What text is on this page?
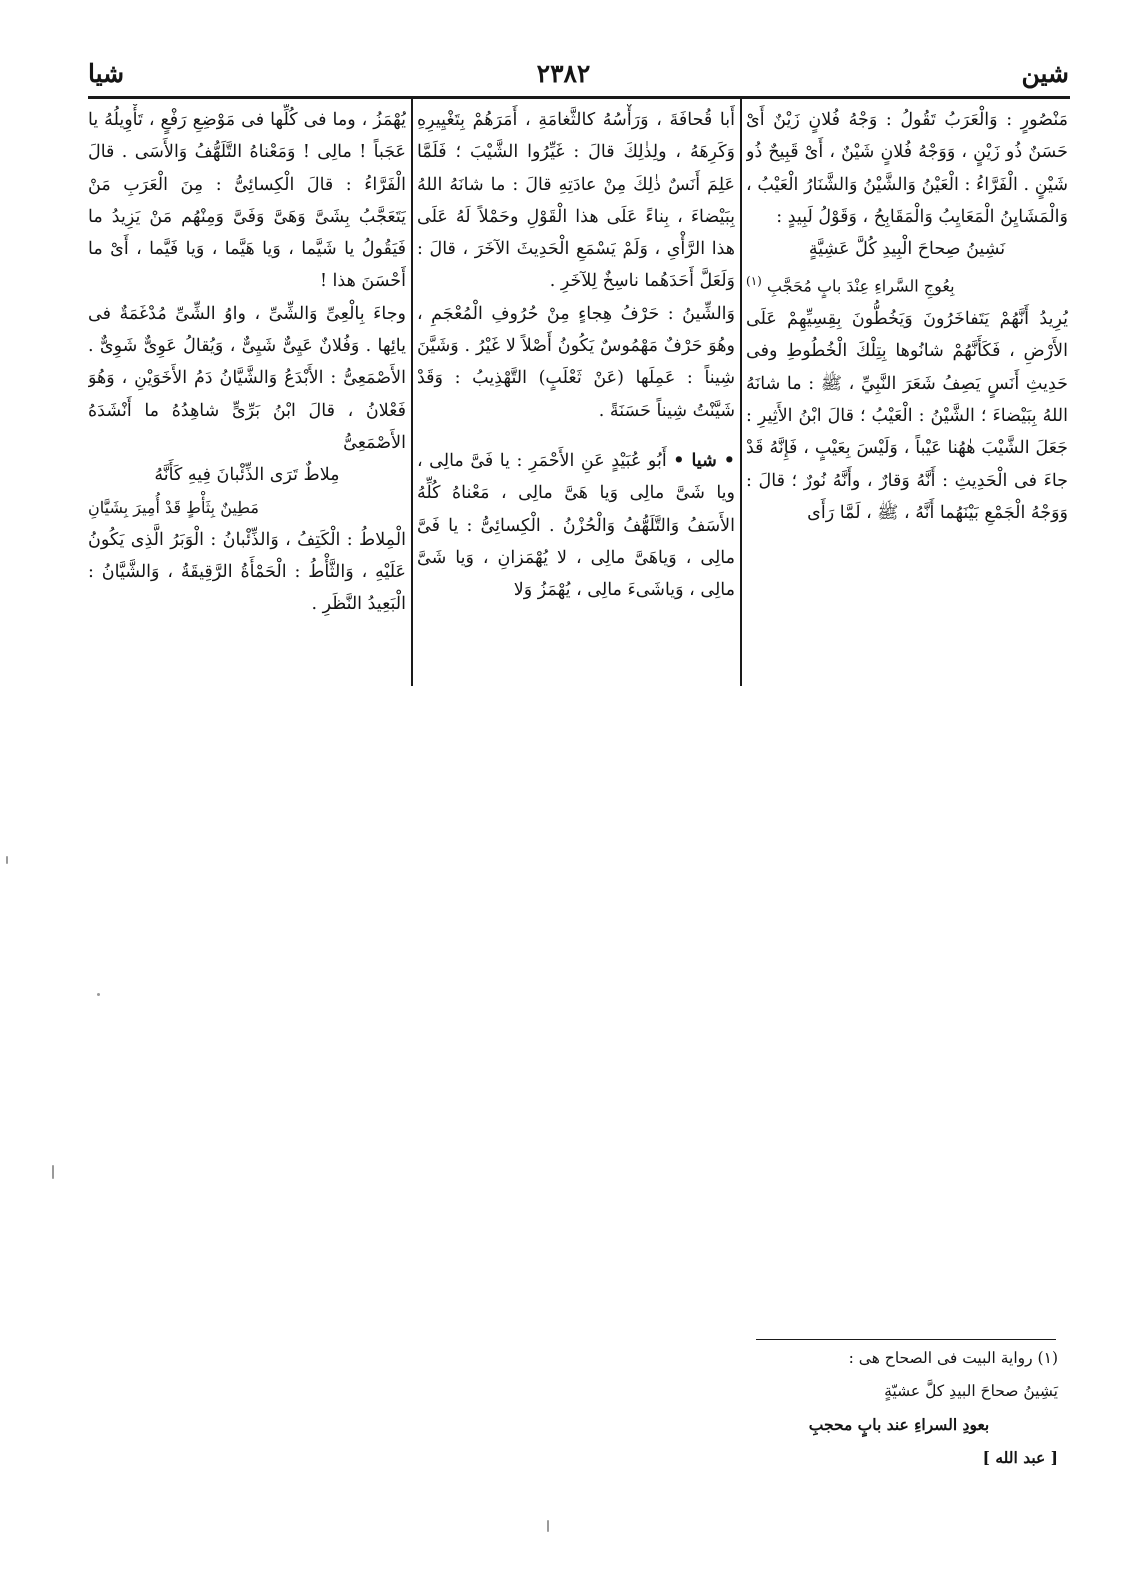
شين
٢٣٨٢
شيا

مَنْصُورٍ : وَالْعَرَبُ تَقُولُ : وَجْهُ فُلانٍ زَيْنٌ أَىْ حَسَنٌ ذُو زَيْنٍ ، وَوَجْهُ فُلانٍ شَيْنٌ ، أَىْ قَبِيحٌ ذُو شَيْنٍ . الْفَرَّاءُ : الْعَيْنُ وَالشَّيْنُ وَالشَّنَارُ الْعَيْبُ ، وَالْمَشَايِنُ الْمَعَايِبُ وَالْمَقَابِحُ ، وَقَوْلُ لَبِيدٍ :

نَشِينُ صِحاحَ الْبِيدِ كُلَّ عَشِيَّةٍ

بِعُوجِ السَّراءِ عِنْدَ بابٍ مُحَجَّبِ $^{(١)}$

يُرِيدُ أَنَّهُمْ يَتَفاخَرُونَ وَيَخُطُّونَ بِقِسِيِّهِمْ عَلَى الأَرْضِ ، فَكَأَنَّهُمْ شانُوها بِتِلْكَ الْخُطُوطِ وفى حَدِيثِ أَنَسٍ يَصِفُ شَعَرَ النَّبِيِّ ، ﷺ : ما شانَهُ اللهُ بِبَيْضاءَ ؛ الشَّيْنُ : الْعَيْبُ ؛ قالَ ابْنُ الأَثِيرِ : جَعَلَ الشَّيْبَ هٰهُنا عَيْباً ، وَلَيْسَ بِعَيْبٍ ، فَإِنَّهُ قَدْ جاءَ فى الْحَدِيثِ : أَنَّهُ وَقارٌ ، وأَنَّهُ نُورٌ ؛ قالَ : وَوَجْهُ الْجَمْعِ بَيْنَهُما أَنَّهُ ، ﷺ ، لَمَّا رَأَى

أَبا قُحافَةَ ، وَرَأْسُهُ كالثَّغامَةِ ، أَمَرَهُمْ بِتَغْيِيرِهِ وَكَرِهَهُ ، ولِذٰلِكَ قالَ : غَيِّرُوا الشَّيْبَ ؛ فَلَمَّا عَلِمَ أَنَسٌ ذٰلِكَ مِنْ عادَتِهِ قالَ : ما شانَهُ اللهُ بِبَيْضاءَ ، بِناءً عَلَى هذا الْقَوْلِ وحَمْلاً لَهُ عَلَى هذا الرَّأْىِ ، وَلَمْ يَسْمَعِ الْحَدِيثَ الآخَرَ ، قالَ : وَلَعَلَّ أَحَدَهُما ناسِخٌ لِلآخَرِ .

وَالشِّينُ : حَرْفُ هِجاءٍ مِنْ حُرُوفِ الْمُعْجَمِ ، وهُوَ حَرْفٌ مَهْمُوسٌ يَكُونُ أَصْلاً لا غَيْرُ . وَشَيَّنَ شِيناً : عَمِلَها (عَنْ ثَعْلَبٍ) التَّهْذِيبُ : وَقَدْ شَيَّنْتُ شِيناً حَسَنَةً .

• شيا • أَبُو عُبَيْدٍ عَنِ الأَحْمَرِ : يا فَىَّ مالِى ، ويا شَىَّ مالِى وَيا هَىَّ مالِى ، مَعْناهُ كُلِّهُ الأَسَفُ وَالتَّلَهُّفُ وَالْحُزْنُ . الْكِسائِىُّ : يا فَىَّ مالِى ، وَياهَىَّ مالِى ، لا يُهْمَزانِ ، وَيا شَىَّ مالِى ، وَياشَىءَ مالِى ، يُهْمَزُ وَلا

يُهْمَزُ ، وما فى كُلِّها فى مَوْضِعِ رَفْعٍ ، تَأْوِيلُهُ يا عَجَباً ! مالِى ! وَمَعْناهُ التَّلَهُّفُ وَالأَسَى . قالَ الْفَرَّاءُ : قالَ الْكِسائِىُّ : مِنَ الْعَرَبِ مَنْ يَتَعَجَّبُ بِشَىَّ وَهَىَّ وَفَىَّ وَمِنْهُم مَنْ يَزِيدُ ما فَيَقُولُ يا شَيَّما ، وَيا هَيَّما ، وَيا فَيَّما ، أَىْ ما أَحْسَنَ هذا !

وجاءَ بِالْعِىِّ وَالشِّىِّ ، واوُ الشِّىِّ مُدْغَمَةٌ فى يائِها . وَفُلانٌ عَيِىٌّ شَيِىٌّ ، وَيُقالُ عَوِىٌّ شَوِىٌّ . الأَصْمَعِىُّ : الأَبْدَعُ وَالشَّيَّانُ دَمُ الأَخَوَيْنِ ، وَهُوَ فَعْلانُ ، قالَ ابْنُ بَرِّىٍّ شاهِدُهُ ما أَنْشَدَهُ الأَصْمَعِىُّ

مِلاطٌ تَرَى الذِّئْبانَ فِيهِ كَأَنَّهُ

مَطِينٌ بِثَأْطٍ قَدْ أُمِيرَ بِشَيَّانِ

الْمِلاطُ : الْكَتِفُ ، وَالذِّئْبانُ : الْوَبَرُ الَّذِى يَكُونُ عَلَيْهِ ، وَالثَّأْطُ : الْحَمْأَةُ الرَّقِيقَةُ ، وَالشَّيَّانُ : الْبَعِيدُ النَّظَرِ .

(١) رواية البيت فى الصحاح هى :

يَشِينُ صحاحَ البيدِ كلَّ عشيّةٍ

بعودِ السراءِ عند بابٍ محجبِ

[ عبد الله ]
